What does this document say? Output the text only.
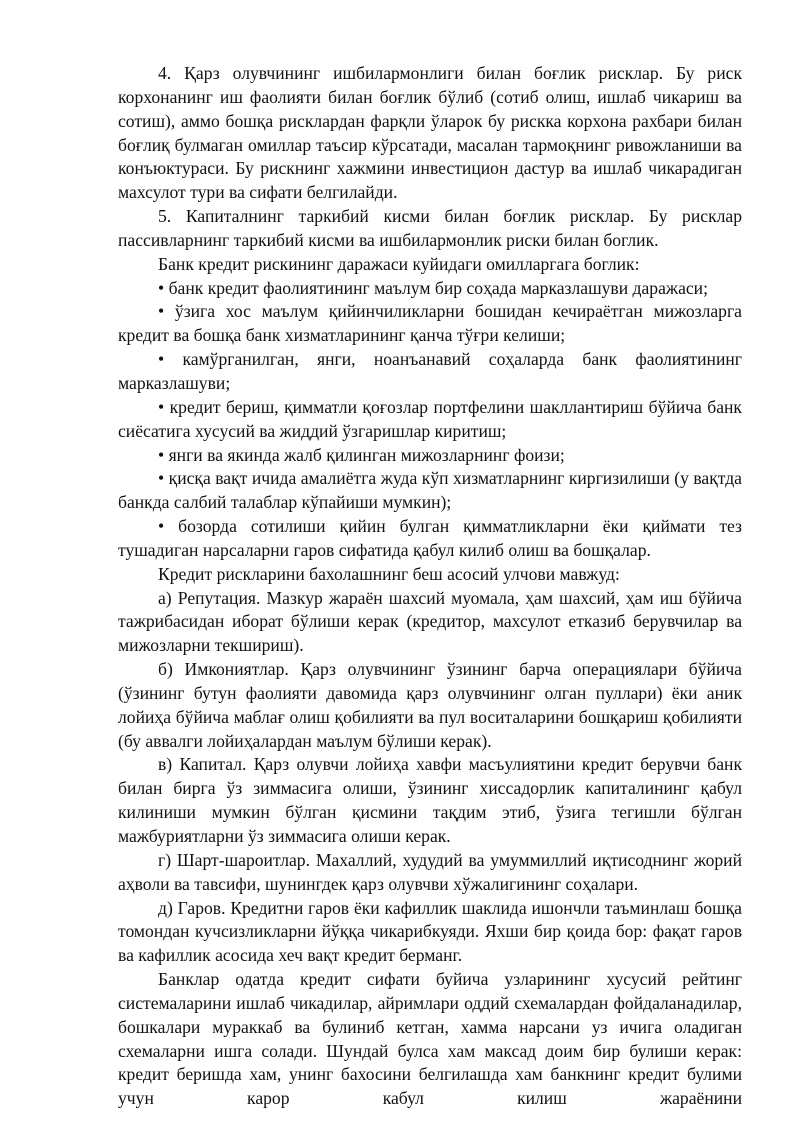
4. Қарз олувчининг ишбилармонлиги билан боғлик рисклар. Бу риск корхонанинг иш фаолияти билан боғлик бўлиб (сотиб олиш, ишлаб чикариш ва сотиш), аммо бошқа рисклардан фарқли ўларок бу рискка корхона рахбари билан боғлиқ булмаган омиллар таъсир кўрсатади, масалан тармоқнинг ривожланиши ва конъюктураси. Бу рискнинг хажмини инвестицион дастур ва ишлаб чикарадиган махсулот тури ва сифати белгилайди.

5. Капиталнинг таркибий кисми билан боғлик рисклар. Бу рисклар пассивларнинг таркибий кисми ва ишбилармонлик риски билан боглик.

Банк кредит рискининг даражаси куйидаги омилларгага боглик:

• банк кредит фаолиятининг маълум бир соҳада марказлашуви даражаси;

• ўзига хос маълум қийинчиликларни бошидан кечираётган мижозларга кредит ва бошқа банк хизматларининг қанча тўғри келиши;

• камўрганилган, янги, ноанъанавий соҳаларда банк фаолиятининг марказлашуви;

• кредит бериш, қимматли қоғозлар портфелини шакллантириш бўйича банк сиёсатига хусусий ва жиддий ўзгаришлар киритиш;

• янги ва якинда жалб қилинган мижозларнинг фоизи;

• қисқа вақт ичида амалиётга жуда кўп хизматларнинг киргизилиши (у вақтда банкда салбий талаблар кўпайиши мумкин);

• бозорда сотилиши қийин булган қимматликларни ёки қиймати тез тушадиган нарсаларни гаров сифатида қабул килиб олиш ва бошқалар.

Кредит рискларини бахолашнинг беш асосий улчови мавжуд:

а) Репутация. Мазкур жараён шахсий муомала, ҳам шахсий, ҳам иш бўйича тажрибасидан иборат бўлиши керак (кредитор, махсулот етказиб берувчилар ва мижозларни текшириш).

б) Имкониятлар. Қарз олувчининг ўзининг барча операциялари бўйича (ўзининг бутун фаолияти давомида қарз олувчининг олган пуллари) ёки аник лойиҳа бўйича маблағ олиш қобилияти ва пул воситаларини бошқариш қобилияти (бу аввалги лойиҳалардан маълум бўлиши керак).

в) Капитал. Қарз олувчи лойиҳа хавфи масъулиятини кредит берувчи банк билан бирга ўз зиммасига олиши, ўзининг хиссадорлик капиталининг қабул килиниши мумкин бўлган қисмини тақдим этиб, ўзига тегишли бўлган мажбуриятларни ўз зиммасига олиши керак.

г) Шарт-шароитлар. Махаллий, худудий ва умуммиллий иқтисоднинг жорий аҳволи ва тавсифи, шунингдек қарз олувчви хўжалигининг соҳалари.

д) Гаров. Кредитни гаров ёки кафиллик шаклида ишончли таъминлаш бошқа томондан кучсизликларни йўққа чикарибкуяди. Яхши бир қоида бор: фақат гаров ва кафиллик асосида хеч вақт кредит берманг.

Банклар одатда кредит сифати буйича узларининг хусусий рейтинг системаларини ишлаб чикадилар, айримлари оддий схемалардан фойдаланадилар, бошкалари мураккаб ва булиниб кетган, хамма нарсани уз ичига оладиган схемаларни ишга солади. Шундай булса хам максад доим бир булиши керак: кредит беришда хам, унинг бахосини белгилашда хам банкнинг кредит булими учун карор кабул килиш жараёнини
